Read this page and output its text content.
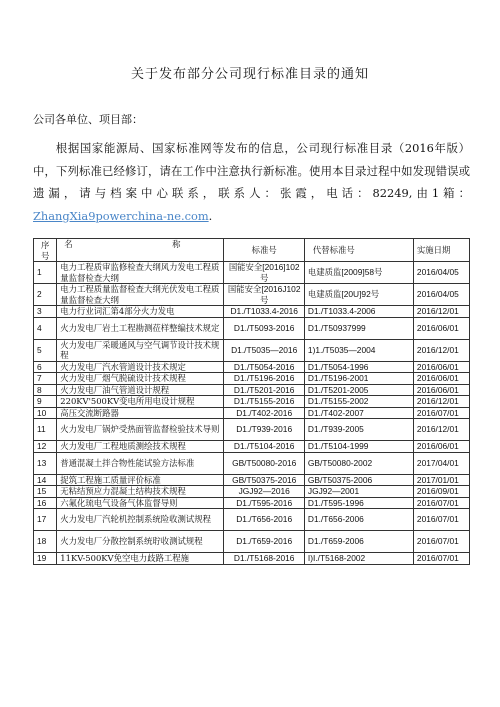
关于发布部分公司现行标准目录的通知
公司各单位、项目部：

根据国家能源局、国家标准网等发布的信息，公司现行标准目录（2016年版）中，下列标准已经修订，请在工作中注意执行新标准。使用本目录过程中如发现错误或遗漏，请与档案中心联系，联系人：张霞，电话：82249,由1箱：ZhangXia9powerchina-ne.com.

序号	名 称	标准号	代替标准号	实施日期
1	电力工程质审监修检查大纲风力发电工程质量监督检查大纲	国能安全[2016]102号	电建质监[2009]58号	2016/04/05
2	电力工程质量监督检查大纲光伏发电工程质量监督检查大纲	国能安全[2016J102号	电建质监[20U]92号	2016/04/05
3	电力行业词汇第4部分火力发电	D1./T1033.4-2016	D1./T1033.4-2006	2016/12/01
4	火力发电厂岩土工程勘测莅样整编技术规定	D1./T5093-2016	D1./T50937999	2016/06/01
5	火力发电厂采暖通风与空气调节设计技术规程	D1./T5035—2016	1)1./T5035—2004	2016/12/01
6	火力发电厂汽水管道设计技术规定	D1./T5054-2016	D1./T5054-1996	2016/06/01
7	火力发电厂烟气脱硫设计技术规程	D1./T5196-2016	D1./T5196-2001	2016/06/01
8	火力发电厂油气管道设计规程	D1./T5201-2016	D1./T5201-2005	2016/06/01
9	220KV'500KV变电所用电设计规程	D1./T5155-2016	D1./T5155-2002	2016/12/01
10	高压交流断路器	D1./T402-2016	D1./T402-2007	2016/07/01
11	火力发电厂锅炉受热面管监督检验技术导则	D1./T939-2016	D1./T939-2005	2016/12/01
12	火力发电厂工程地质测绘技术规程	D1./T5104-2016	D1./T5104-1999	2016/06/01
13	普通混凝土拌合物性能试验方法标准	GB/T50080-2016	GB/T50080-2002	2017/04/01
14	捉筑工程施工质量评价标准	GB/T50375-2016	GB/T50375-2006	2017/01/01
15	无粘结预应力混凝土结构技术规程	JGJ92—2016	JGJ92—2001	2016/09/01
16	六氟化琉电气设备气体监督导则	D1./T595-2016	D1./T595-1996	2016/07/01
17	火力发电厂汽轮机控制系统险收测试规程	D1./T656-2016	D1./T656-2006	2016/07/01
18	火力发电厂分散控制系统聍收测试规程	D1./T659-2016	D1./T659-2006	2016/07/01
19	11KV-500KV免空电力歧路工程施	D1./T5168-2016	I)I./T5168-2002	2016/07/01
